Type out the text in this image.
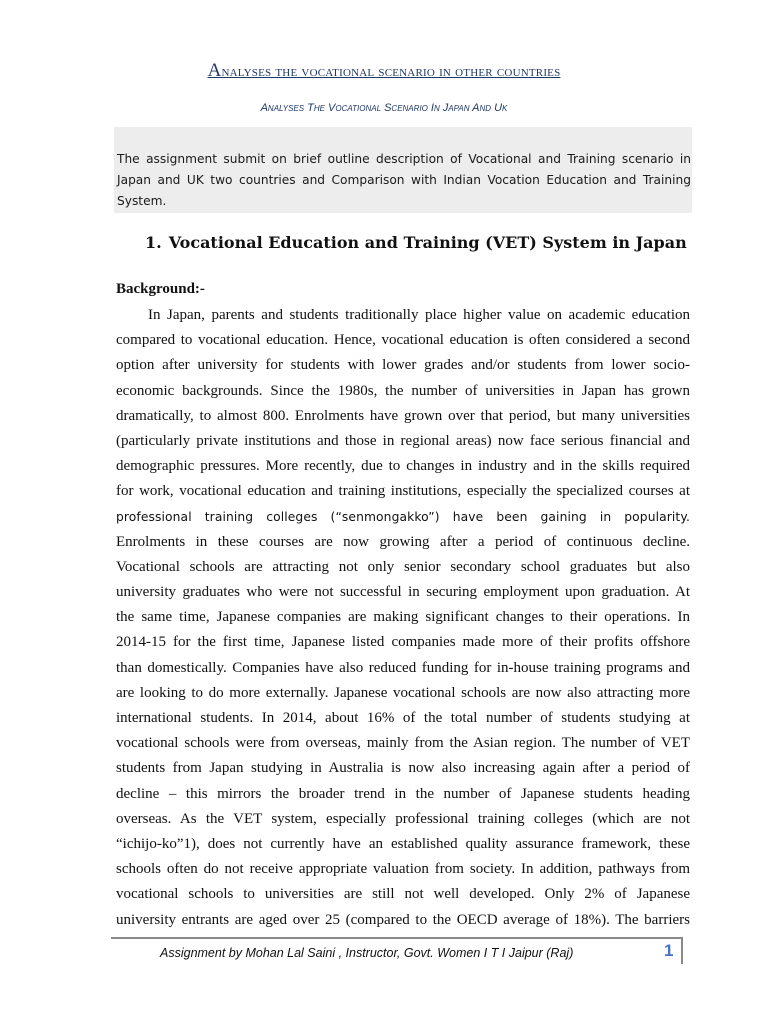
Analyses the vocational scenario in other countries
Analyses The Vocational Scenario In Japan And Uk
The assignment submit on brief outline description of Vocational and Training scenario in Japan and UK two countries and Comparison with Indian Vocation Education and Training System.
1. Vocational Education and Training (VET) System in Japan
Background:-
In Japan, parents and students traditionally place higher value on academic education
compared to vocational education. Hence, vocational education is often considered a second
option after university for students with lower grades and/or students from lower socio-
economic backgrounds. Since the 1980s, the number of universities in Japan has grown
dramatically, to almost 800. Enrolments have grown over that period, but many universities
(particularly private institutions and those in regional areas) now face serious financial and
demographic pressures. More recently, due to changes in industry and in the skills required
for work, vocational education and training institutions, especially the specialized courses at
professional training colleges (“senmongakko”) have been gaining in popularity.
Enrolments in these courses are now growing after a period of continuous decline.
Vocational schools are attracting not only senior secondary school graduates but also
university graduates who were not successful in securing employment upon graduation. At
the same time, Japanese companies are making significant changes to their operations. In
2014-15 for the first time, Japanese listed companies made more of their profits offshore
than domestically. Companies have also reduced funding for in-house training programs and
are looking to do more externally. Japanese vocational schools are now also attracting more
international students. In 2014, about 16% of the total number of students studying at
vocational schools were from overseas, mainly from the Asian region. The number of VET
students from Japan studying in Australia is now also increasing again after a period of
decline – this mirrors the broader trend in the number of Japanese students heading
overseas. As the VET system, especially professional training colleges (which are not
“ichijo-ko”1), does not currently have an established quality assurance framework, these
schools often do not receive appropriate valuation from society. In addition, pathways from
vocational schools to universities are still not well developed. Only 2% of Japanese
university entrants are aged over 25 (compared to the OECD average of 18%). The barriers
Assignment by Mohan Lal Saini , Instructor, Govt. Women I T I Jaipur (Raj)	1
